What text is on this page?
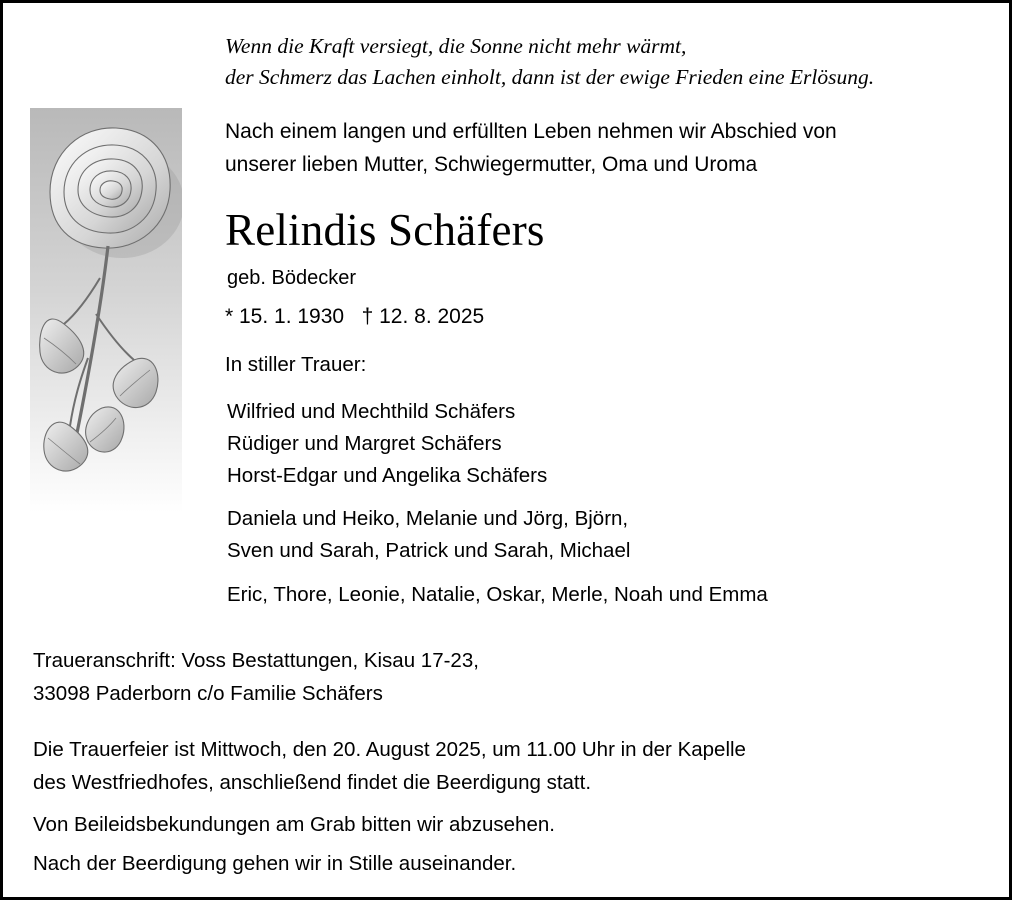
Wenn die Kraft versiegt, die Sonne nicht mehr wärmt,
der Schmerz das Lachen einholt, dann ist der ewige Frieden eine Erlösung.
Nach einem langen und erfüllten Leben nehmen wir Abschied von
unserer lieben Mutter, Schwiegermutter, Oma und Uroma
Relindis Schäfers
geb. Bödecker
* 15. 1. 1930   † 12. 8. 2025
In stiller Trauer:
Wilfried und Mechthild Schäfers
Rüdiger und Margret Schäfers
Horst-Edgar und Angelika Schäfers
Daniela und Heiko, Melanie und Jörg, Björn,
Sven und Sarah, Patrick und Sarah, Michael
Eric, Thore, Leonie, Natalie, Oskar, Merle, Noah und Emma
Traueranschrift: Voss Bestattungen, Kisau 17-23,
33098 Paderborn c/o Familie Schäfers
Die Trauerfeier ist Mittwoch, den 20. August 2025, um 11.00 Uhr in der Kapelle
des Westfriedhofes, anschließend findet die Beerdigung statt.
Von Beileidsbekundungen am Grab bitten wir abzusehen.
Nach der Beerdigung gehen wir in Stille auseinander.
